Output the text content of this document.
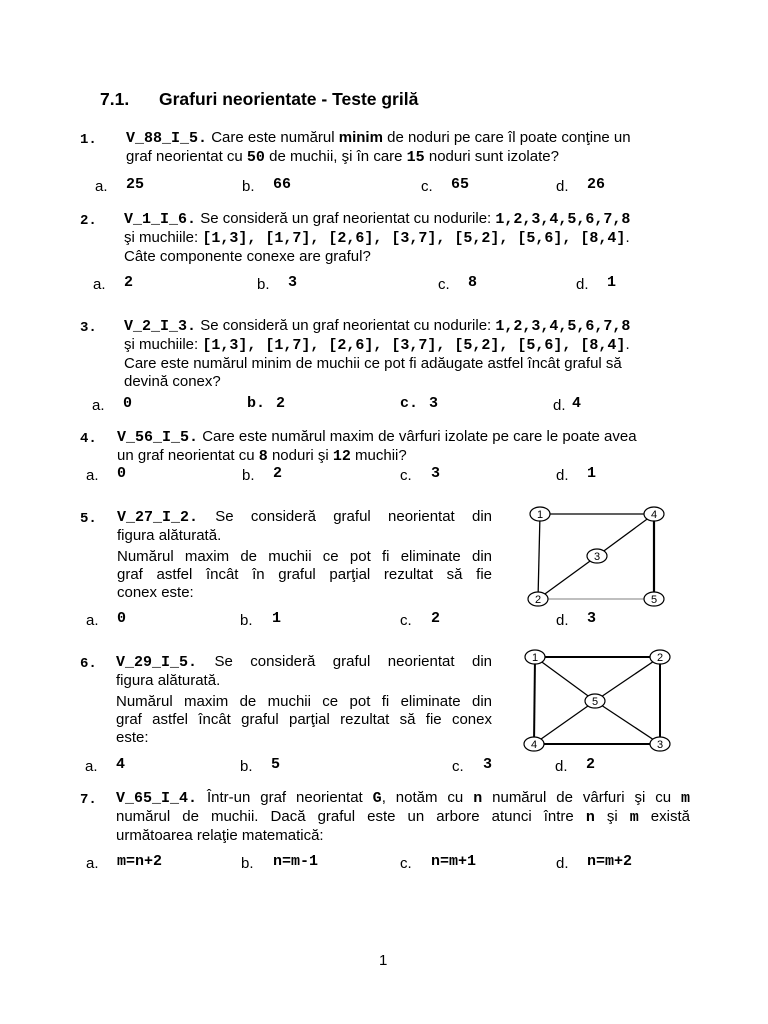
7.1. Grafuri neorientate - Teste grilă
1. V_88_I_5. Care este numărul minim de noduri pe care îl poate conţine un
graf neorientat cu 50 de muchii, şi în care 15 noduri sunt izolate?
a. 25	b. 66	c. 65	d. 26
2. V_1_I_6. Se consideră un graf neorientat cu nodurile: 1,2,3,4,5,6,7,8
şi muchiile: [1,3], [1,7], [2,6], [3,7], [5,2], [5,6], [8,4].
Câte componente conexe are graful?
a. 2	b. 3	c. 8	d. 1
3. V_2_I_3. Se consideră un graf neorientat cu nodurile: 1,2,3,4,5,6,7,8
şi muchiile: [1,3], [1,7], [2,6], [3,7], [5,2], [5,6], [8,4].
Care este numărul minim de muchii ce pot fi adăugate astfel încât graful să
devină conex?
a. 0	b. 2	c. 3	d. 4
4. V_56_I_5. Care este numărul maxim de vârfuri izolate pe care le poate avea
un graf neorientat cu 8 noduri şi 12 muchii?
a. 0	b. 2	c. 3	d. 1
5. V_27_I_2. Se consideră graful neorientat din
figura alăturată.
Numărul maxim de muchii ce pot fi eliminate din
graf astfel încât în graful parţial rezultat să fie
conex este:
1	4
3
2	5
a. 0	b. 1	c. 2	d. 3
6. V_29_I_5. Se consideră graful neorientat din
figura alăturată.
Numărul maxim de muchii ce pot fi eliminate din
graf astfel încât graful parţial rezultat să fie conex
este:
1	2
5
4	3
a. 4	b. 5	c. 3	d. 2
7. V_65_I_4. Într-un graf neorientat G, notăm cu n numărul de vârfuri şi cu m
numărul de muchii. Dacă graful este un arbore atunci între n şi m există
următoarea relaţie matematică:
a. m=n+2	b. n=m-1	c. n=m+1	d. n=m+2
1
